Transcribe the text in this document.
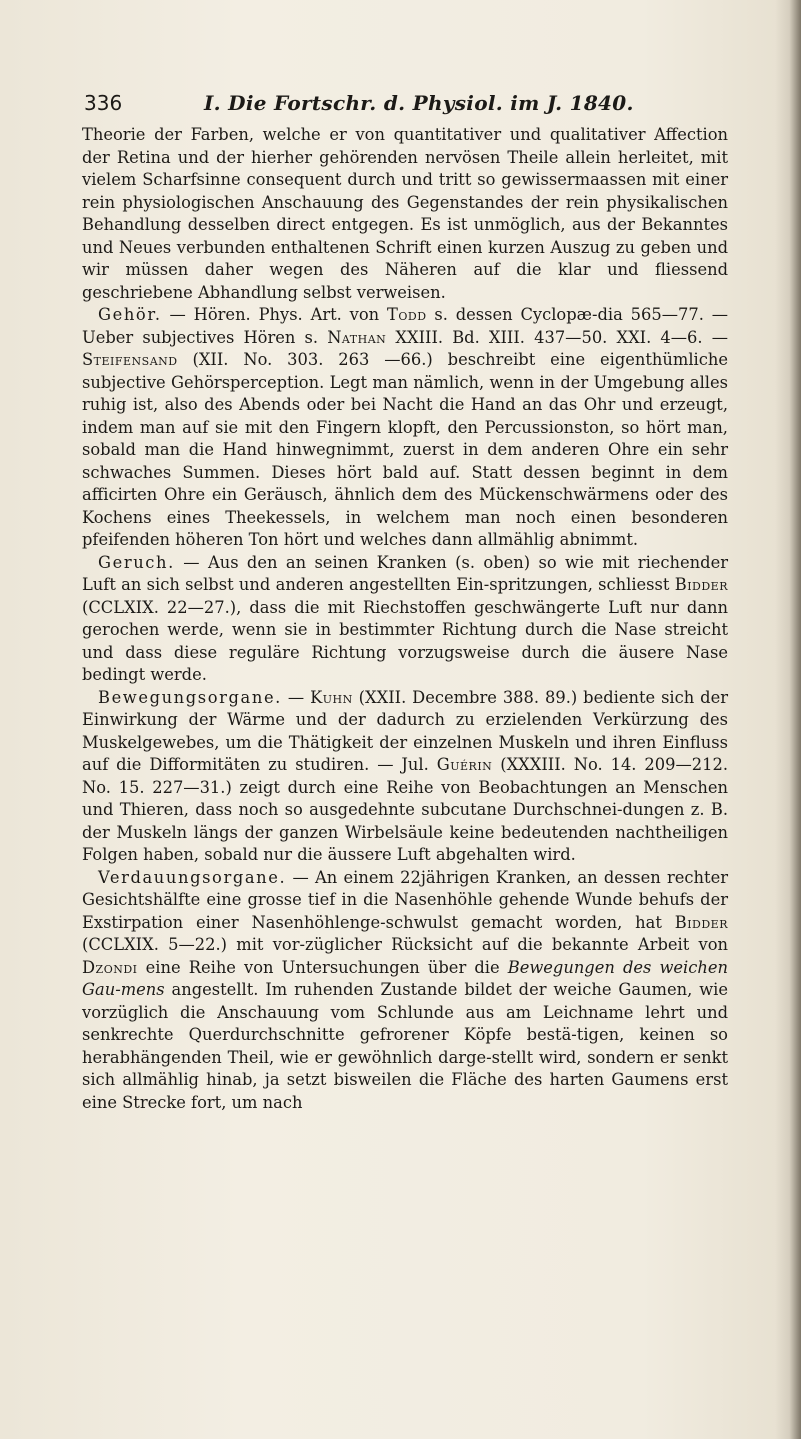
336	I. Die Fortschr. d. Physiol. im J. 1840.

Theorie der Farben, welche er von quantitativer und qualitativer Affection der Retina und der hierher gehörenden nervösen Theile allein herleitet, mit vielem Scharfsinne consequent durch und tritt so gewissermaassen mit einer rein physiologischen Anschauung des Gegenstandes der rein physikalischen Behandlung desselben direct entgegen. Es ist unmöglich, aus der Bekanntes und Neues verbunden enthaltenen Schrift einen kurzen Auszug zu geben und wir müssen daher wegen des Näheren auf die klar und fliessend geschriebene Abhandlung selbst verweisen.

Gehör. — Hören. Phys. Art. von Todd s. dessen Cyclopæ-dia 565—77. — Ueber subjectives Hören s. Nathan XXIII. Bd. XIII. 437—50. XXI. 4—6. — Steifensand (XII. No. 303. 263 —66.) beschreibt eine eigenthümliche subjective Gehörsperception. Legt man nämlich, wenn in der Umgebung alles ruhig ist, also des Abends oder bei Nacht die Hand an das Ohr und erzeugt, indem man auf sie mit den Fingern klopft, den Percussionston, so hört man, sobald man die Hand hinwegnimmt, zuerst in dem anderen Ohre ein sehr schwaches Summen. Dieses hört bald auf. Statt dessen beginnt in dem afficirten Ohre ein Geräusch, ähnlich dem des Mückenschwärmens oder des Kochens eines Theekessels, in welchem man noch einen besonderen pfeifenden höheren Ton hört und welches dann allmählig abnimmt.

Geruch. — Aus den an seinen Kranken (s. oben) so wie mit riechender Luft an sich selbst und anderen angestellten Ein-spritzungen, schliesst Bidder (CCLXIX. 22—27.), dass die mit Riechstoffen geschwängerte Luft nur dann gerochen werde, wenn sie in bestimmter Richtung durch die Nase streicht und dass diese reguläre Richtung vorzugsweise durch die äusere Nase bedingt werde.

Bewegungsorgane. — Kuhn (XXII. Decembre 388. 89.) bediente sich der Einwirkung der Wärme und der dadurch zu erzielenden Verkürzung des Muskelgewebes, um die Thätigkeit der einzelnen Muskeln und ihren Einfluss auf die Difformitäten zu studiren. — Jul. Guérin (XXXIII. No. 14. 209—212. No. 15. 227—31.) zeigt durch eine Reihe von Beobachtungen an Menschen und Thieren, dass noch so ausgedehnte subcutane Durchschnei-dungen z. B. der Muskeln längs der ganzen Wirbelsäule keine bedeutenden nachtheiligen Folgen haben, sobald nur die äussere Luft abgehalten wird.

Verdauungsorgane. — An einem 22jährigen Kranken, an dessen rechter Gesichtshälfte eine grosse tief in die Nasenhöhle gehende Wunde behufs der Exstirpation einer Nasenhöhlenge-schwulst gemacht worden, hat Bidder (CCLXIX. 5—22.) mit vor-züglicher Rücksicht auf die bekannte Arbeit von Dzondi eine Reihe von Untersuchungen über die Bewegungen des weichen Gau-mens angestellt. Im ruhenden Zustande bildet der weiche Gaumen, wie vorzüglich die Anschauung vom Schlunde aus am Leichname lehrt und senkrechte Querdurchschnitte gefrorener Köpfe bestä-tigen, keinen so herabhängenden Theil, wie er gewöhnlich darge-stellt wird, sondern er senkt sich allmählig hinab, ja setzt bisweilen die Fläche des harten Gaumens erst eine Strecke fort, um nach
